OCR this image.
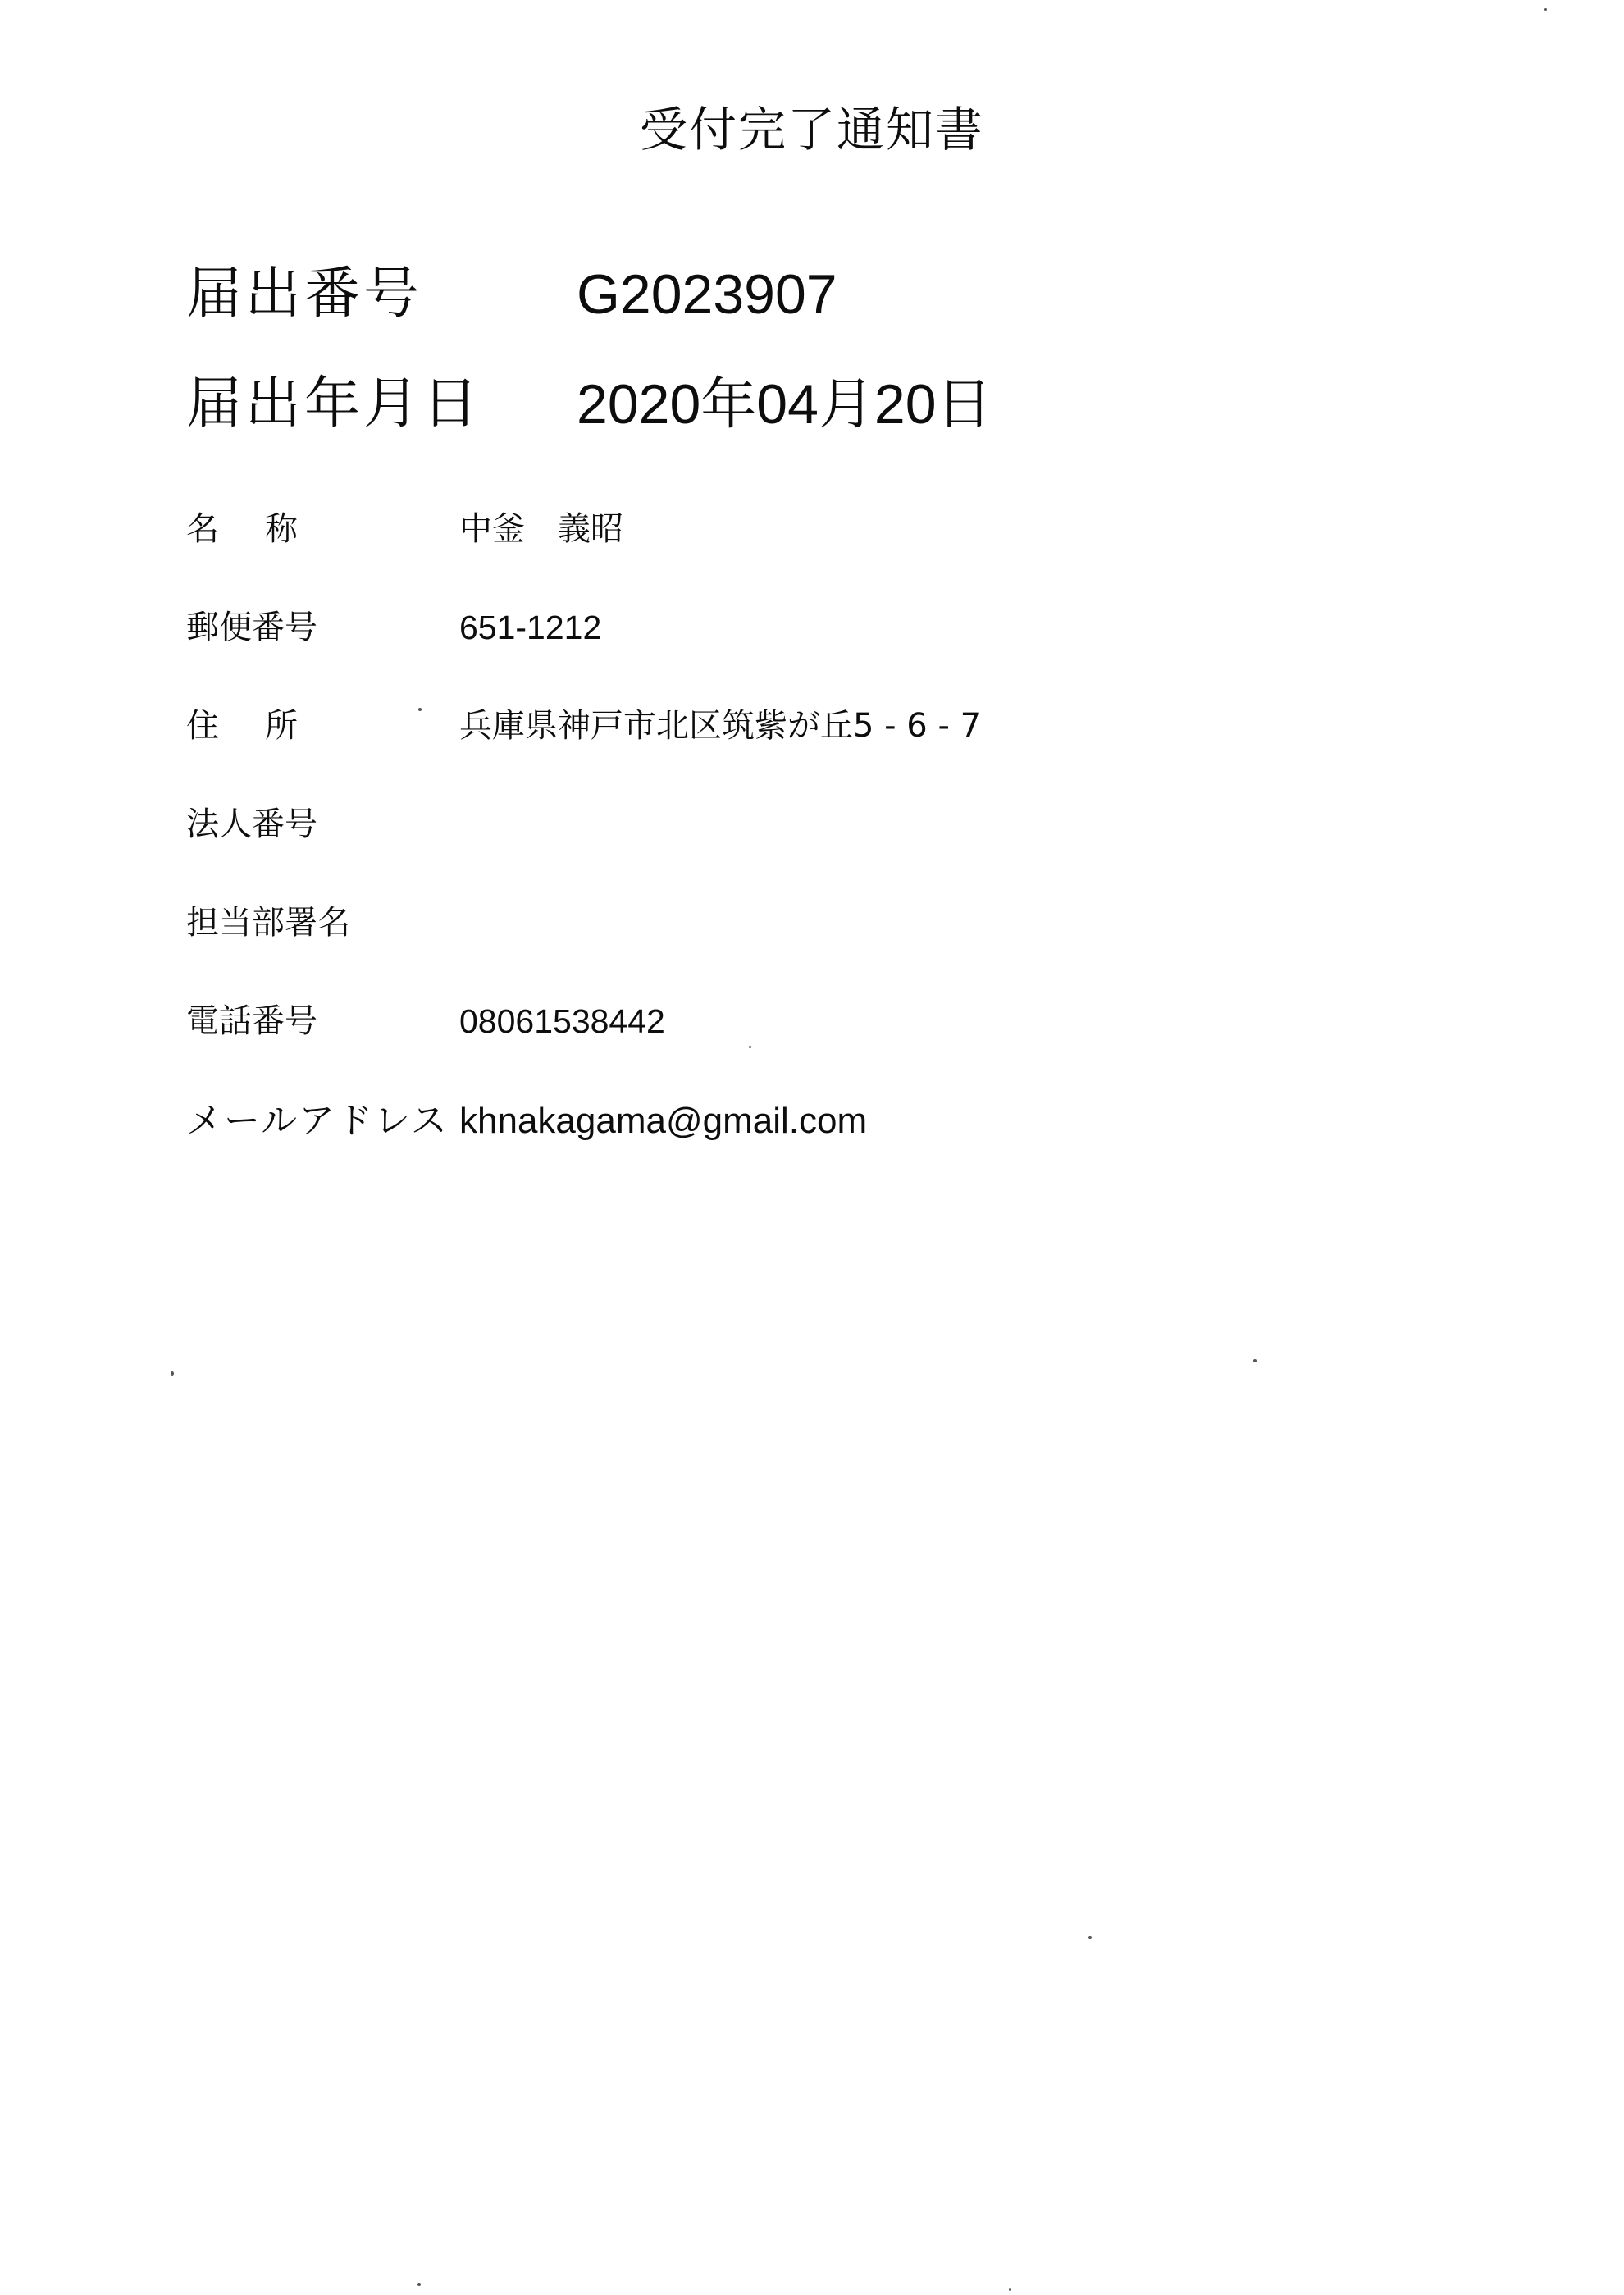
受付完了通知書
届出番号	G2023907
届出年月日 2020年04月20日
名称	中釜　義昭
郵便番号	651-1212
住所	兵庫県神戸市北区筑紫が丘5 - 6 - 7
法人番号
担当部署名
電話番号	08061538442
メールアドレス khnakagama@gmail.com
